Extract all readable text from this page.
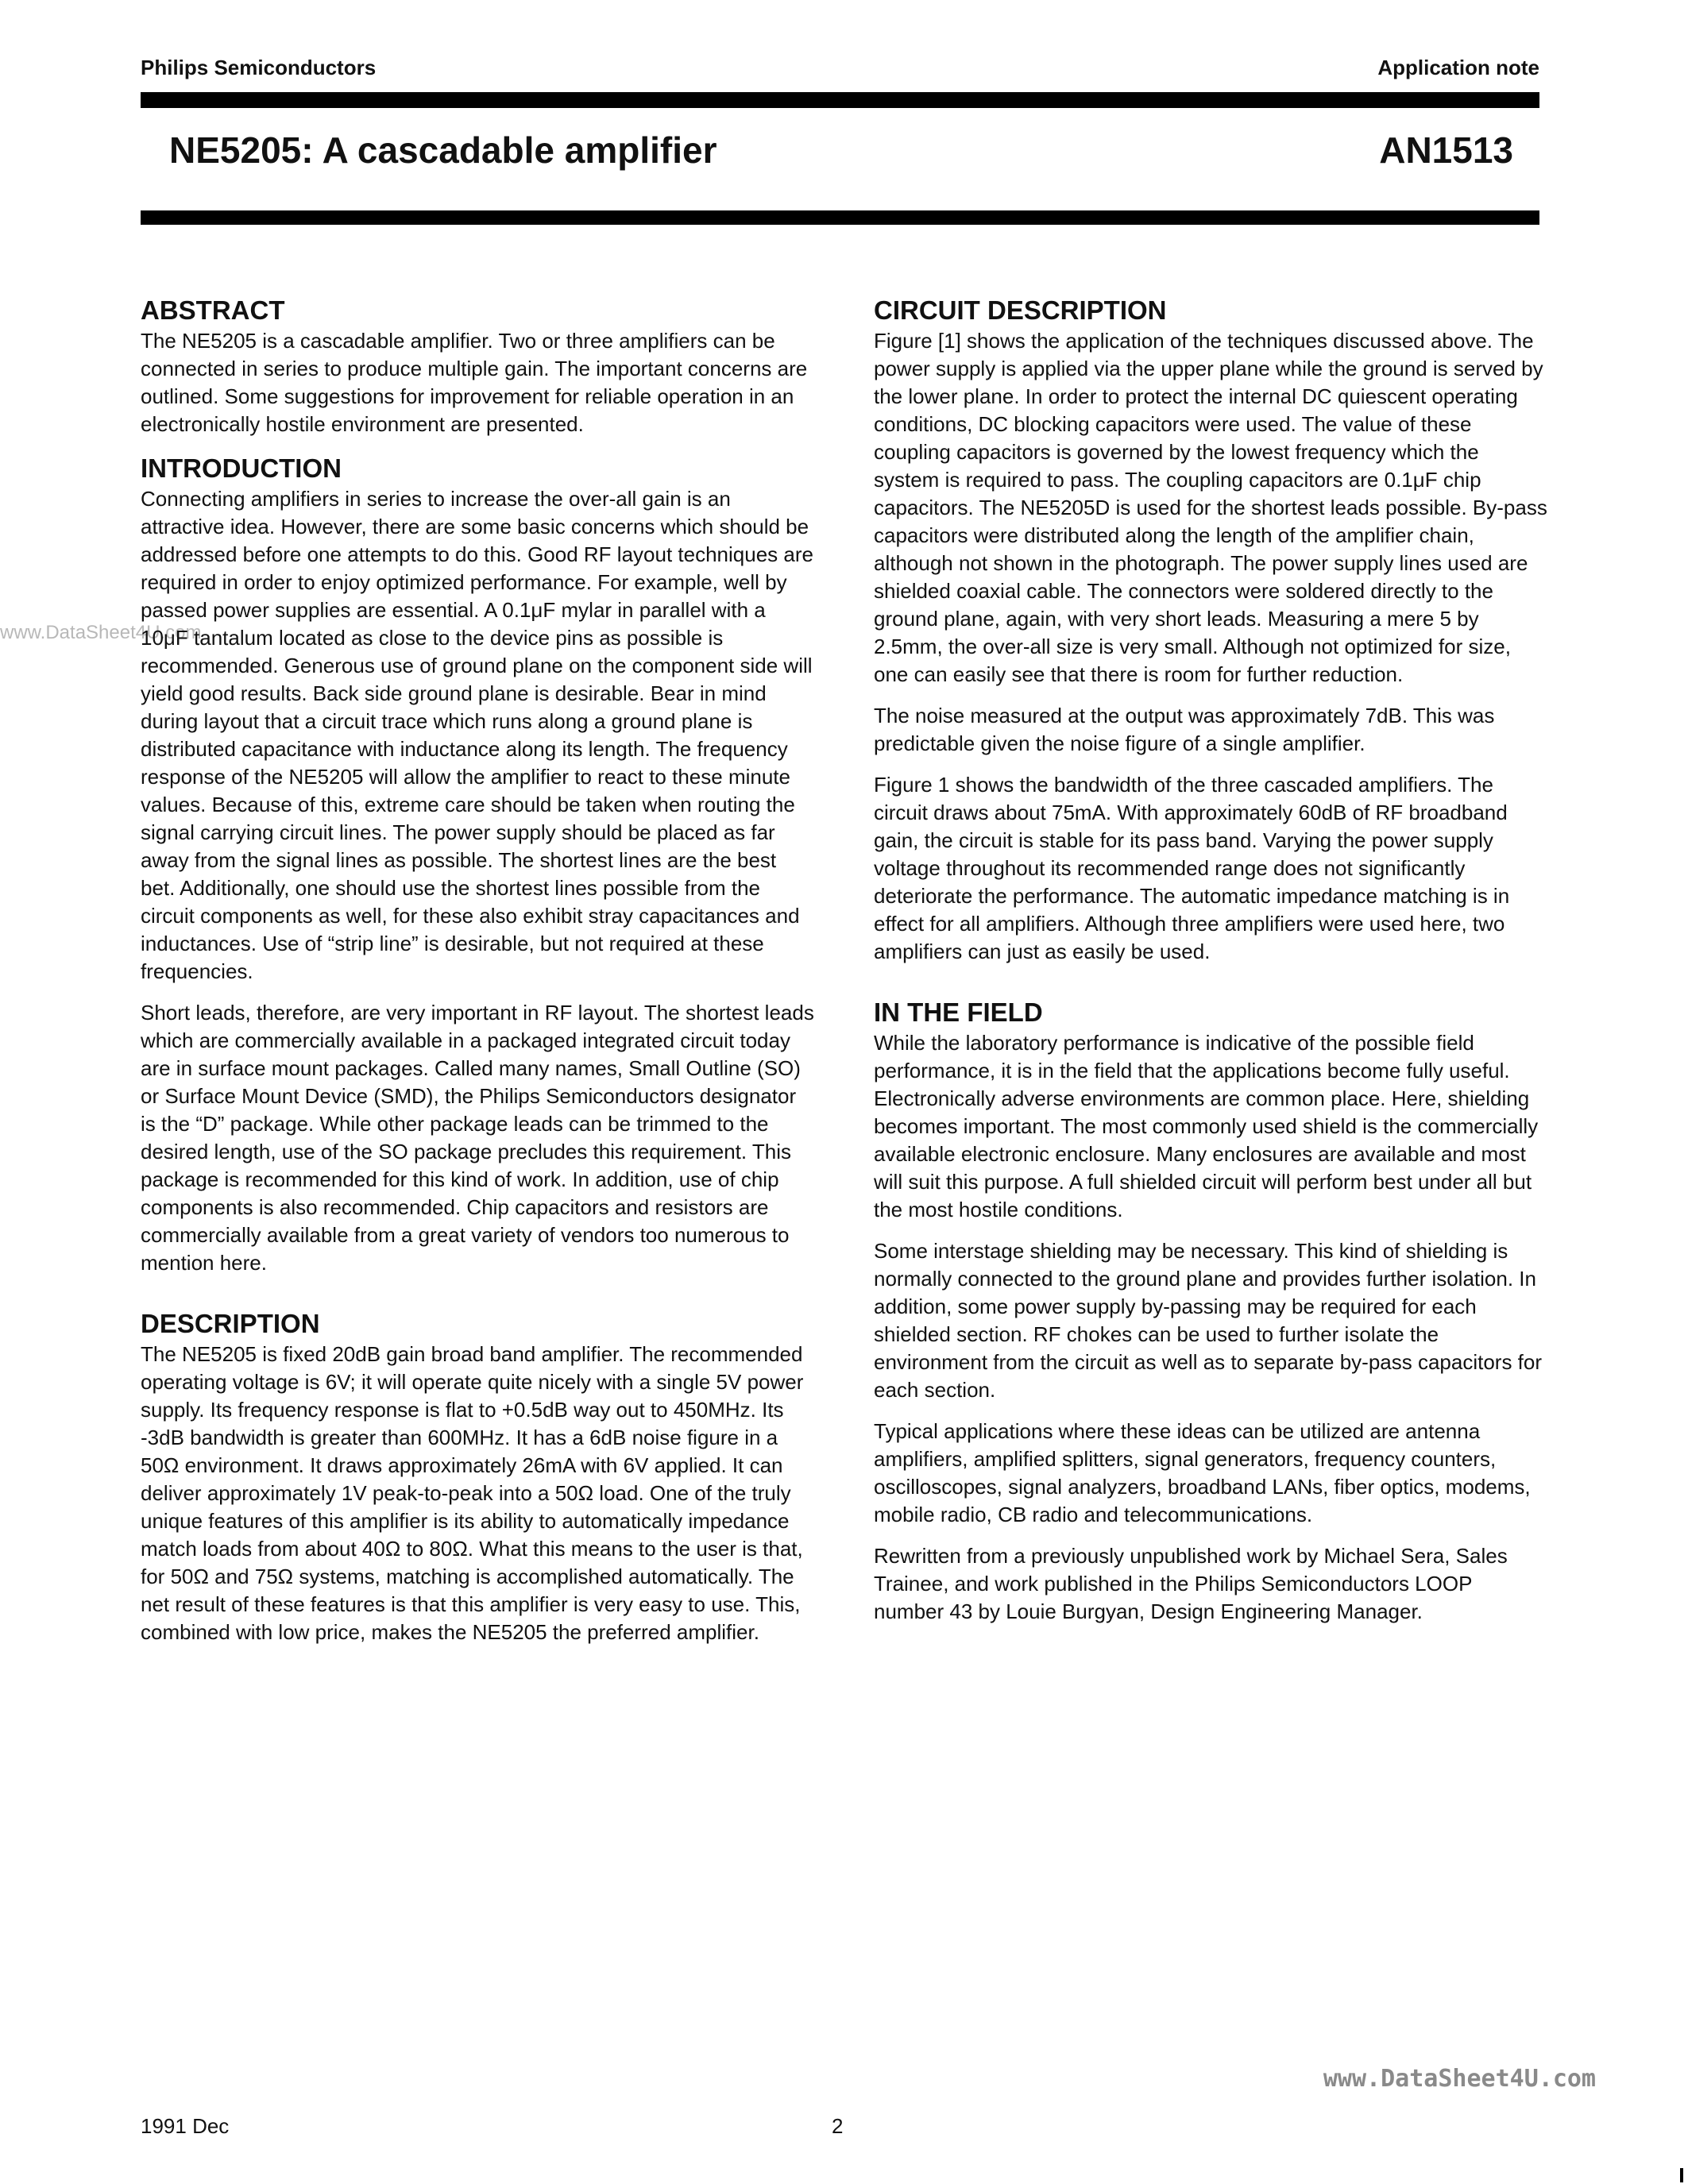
Philips Semiconductors	Application note
NE5205: A cascadable amplifier	AN1513
www.DataSheet4U.com
ABSTRACT

The NE5205 is a cascadable amplifier. Two or three amplifiers can be connected in series to produce multiple gain. The important concerns are outlined. Some suggestions for improvement for reliable operation in an electronically hostile environment are presented.

INTRODUCTION

Connecting amplifiers in series to increase the over-all gain is an attractive idea. However, there are some basic concerns which should be addressed before one attempts to do this. Good RF layout techniques are required in order to enjoy optimized performance. For example, well by passed power supplies are essential. A 0.1μF mylar in parallel with a 10μF tantalum located as close to the device pins as possible is recommended. Generous use of ground plane on the component side will yield good results. Back side ground plane is desirable. Bear in mind during layout that a circuit trace which runs along a ground plane is distributed capacitance with inductance along its length. The frequency response of the NE5205 will allow the amplifier to react to these minute values. Because of this, extreme care should be taken when routing the signal carrying circuit lines. The power supply should be placed as far away from the signal lines as possible. The shortest lines are the best bet. Additionally, one should use the shortest lines possible from the circuit components as well, for these also exhibit stray capacitances and inductances. Use of “strip line” is desirable, but not required at these frequencies.

Short leads, therefore, are very important in RF layout. The shortest leads which are commercially available in a packaged integrated circuit today are in surface mount packages. Called many names, Small Outline (SO) or Surface Mount Device (SMD), the Philips Semiconductors designator is the “D” package. While other package leads can be trimmed to the desired length, use of the SO package precludes this requirement. This package is recommended for this kind of work. In addition, use of chip components is also recommended. Chip capacitors and resistors are commercially available from a great variety of vendors too numerous to mention here.

DESCRIPTION

The NE5205 is fixed 20dB gain broad band amplifier. The recommended operating voltage is 6V; it will operate quite nicely with a single 5V power supply. Its frequency response is flat to +0.5dB way out to 450MHz. Its -3dB bandwidth is greater than 600MHz. It has a 6dB noise figure in a 50Ω environment. It draws approximately 26mA with 6V applied. It can deliver approximately 1V peak-to-peak into a 50Ω load. One of the truly unique features of this amplifier is its ability to automatically impedance match loads from about 40Ω to 80Ω. What this means to the user is that, for 50Ω and 75Ω systems, matching is accomplished automatically. The net result of these features is that this amplifier is very easy to use. This, combined with low price, makes the NE5205 the preferred amplifier.

CIRCUIT DESCRIPTION

Figure [1] shows the application of the techniques discussed above. The power supply is applied via the upper plane while the ground is served by the lower plane. In order to protect the internal DC quiescent operating conditions, DC blocking capacitors were used. The value of these coupling capacitors is governed by the lowest frequency which the system is required to pass. The coupling capacitors are 0.1μF chip capacitors. The NE5205D is used for the shortest leads possible. By-pass capacitors were distributed along the length of the amplifier chain, although not shown in the photograph. The power supply lines used are shielded coaxial cable. The connectors were soldered directly to the ground plane, again, with very short leads. Measuring a mere 5 by 2.5mm, the over-all size is very small. Although not optimized for size, one can easily see that there is room for further reduction.

The noise measured at the output was approximately 7dB. This was predictable given the noise figure of a single amplifier.

Figure 1 shows the bandwidth of the three cascaded amplifiers. The circuit draws about 75mA. With approximately 60dB of RF broadband gain, the circuit is stable for its pass band. Varying the power supply voltage throughout its recommended range does not significantly deteriorate the performance. The automatic impedance matching is in effect for all amplifiers. Although three amplifiers were used here, two amplifiers can just as easily be used.

IN THE FIELD

While the laboratory performance is indicative of the possible field performance, it is in the field that the applications become fully useful. Electronically adverse environments are common place. Here, shielding becomes important. The most commonly used shield is the commercially available electronic enclosure. Many enclosures are available and most will suit this purpose. A full shielded circuit will perform best under all but the most hostile conditions.

Some interstage shielding may be necessary. This kind of shielding is normally connected to the ground plane and provides further isolation. In addition, some power supply by-passing may be required for each shielded section. RF chokes can be used to further isolate the environment from the circuit as well as to separate by-pass capacitors for each section.

Typical applications where these ideas can be utilized are antenna amplifiers, amplified splitters, signal generators, frequency counters, oscilloscopes, signal analyzers, broadband LANs, fiber optics, modems, mobile radio, CB radio and telecommunications.

Rewritten from a previously unpublished work by Michael Sera, Sales Trainee, and work published in the Philips Semiconductors LOOP number 43 by Louie Burgyan, Design Engineering Manager.

www.DataSheet4U.com
1991 Dec	2
